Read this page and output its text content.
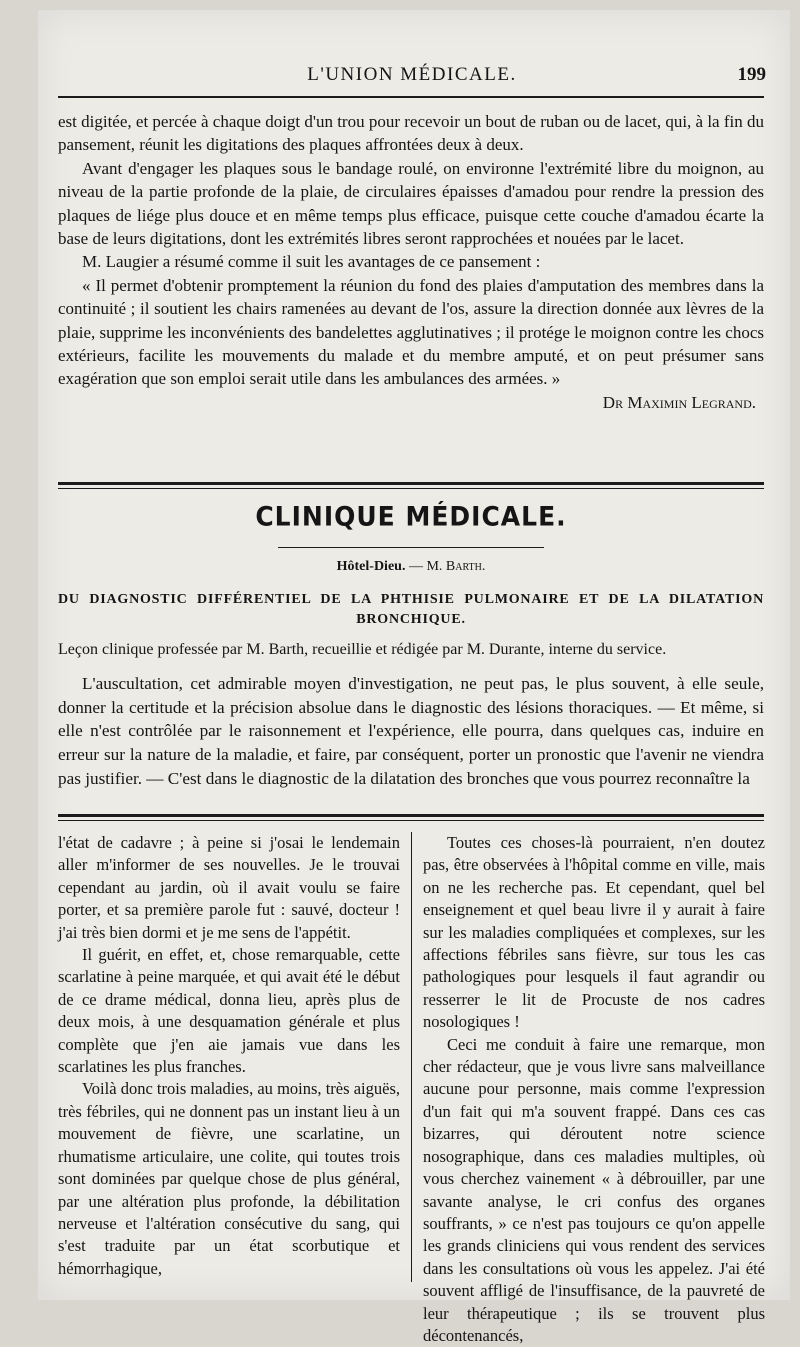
L'UNION MÉDICALE.	199

est digitée, et percée à chaque doigt d'un trou pour recevoir un bout de ruban ou de lacet, qui, à la fin du pansement, réunit les digitations des plaques affrontées deux à deux.

Avant d'engager les plaques sous le bandage roulé, on environne l'extrémité libre du moignon, au niveau de la partie profonde de la plaie, de circulaires épaisses d'amadou pour rendre la pression des plaques de liége plus douce et en même temps plus efficace, puisque cette couche d'amadou écarte la base de leurs digitations, dont les extrémités libres seront rapprochées et nouées par le lacet.

M. Laugier a résumé comme il suit les avantages de ce pansement :

« Il permet d'obtenir promptement la réunion du fond des plaies d'amputation des membres dans la continuité ; il soutient les chairs ramenées au devant de l'os, assure la direction donnée aux lèvres de la plaie, supprime les inconvénients des bandelettes agglutinatives ; il protége le moignon contre les chocs extérieurs, facilite les mouvements du malade et du membre amputé, et on peut présumer sans exagération que son emploi serait utile dans les ambulances des armées. »

Dr Maximin Legrand.

CLINIQUE MÉDICALE.
Hôtel-Dieu. — M. Barth.
DU DIAGNOSTIC DIFFÉRENTIEL DE LA PHTHISIE PULMONAIRE ET DE LA DILATATION
BRONCHIQUE.

Leçon clinique professée par M. Barth, recueillie et rédigée par M. Durante, interne du service.

L'auscultation, cet admirable moyen d'investigation, ne peut pas, le plus souvent, à elle seule, donner la certitude et la précision absolue dans le diagnostic des lésions thoraciques. — Et même, si elle n'est contrôlée par le raisonnement et l'expérience, elle pourra, dans quelques cas, induire en erreur sur la nature de la maladie, et faire, par conséquent, porter un pronostic que l'avenir ne viendra pas justifier. — C'est dans le diagnostic de la dilatation des bronches que vous pourrez reconnaître la

l'état de cadavre ; à peine si j'osai le lendemain aller m'informer de ses nouvelles. Je le trouvai cependant au jardin, où il avait voulu se faire porter, et sa première parole fut : sauvé, docteur ! j'ai très bien dormi et je me sens de l'appétit.

Il guérit, en effet, et, chose remarquable, cette scarlatine à peine marquée, et qui avait été le début de ce drame médical, donna lieu, après plus de deux mois, à une desquamation générale et plus complète que j'en aie jamais vue dans les scarlatines les plus franches.

Voilà donc trois maladies, au moins, très aiguës, très fébriles, qui ne donnent pas un instant lieu à un mouvement de fièvre, une scarlatine, un rhumatisme articulaire, une colite, qui toutes trois sont dominées par quelque chose de plus général, par une altération plus profonde, la débilitation nerveuse et l'altération consécutive du sang, qui s'est traduite par un état scorbutique et hémorrhagique,

Toutes ces choses-là pourraient, n'en doutez pas, être observées à l'hôpital comme en ville, mais on ne les recherche pas. Et cependant, quel bel enseignement et quel beau livre il y aurait à faire sur les maladies compliquées et complexes, sur les affections fébriles sans fièvre, sur tous les cas pathologiques pour lesquels il faut agrandir ou resserrer le lit de Procuste de nos cadres nosologiques !

Ceci me conduit à faire une remarque, mon cher rédacteur, que je vous livre sans malveillance aucune pour personne, mais comme l'expression d'un fait qui m'a souvent frappé. Dans ces cas bizarres, qui déroutent notre science nosographique, dans ces maladies multiples, où vous cherchez vainement « à débrouiller, par une savante analyse, le cri confus des organes souffrants, » ce n'est pas toujours ce qu'on appelle les grands cliniciens qui vous rendent des services dans les consultations où vous les appelez. J'ai été souvent affligé de l'insuffisance, de la pauvreté de leur thérapeutique ; ils se trouvent plus décontenancés,
